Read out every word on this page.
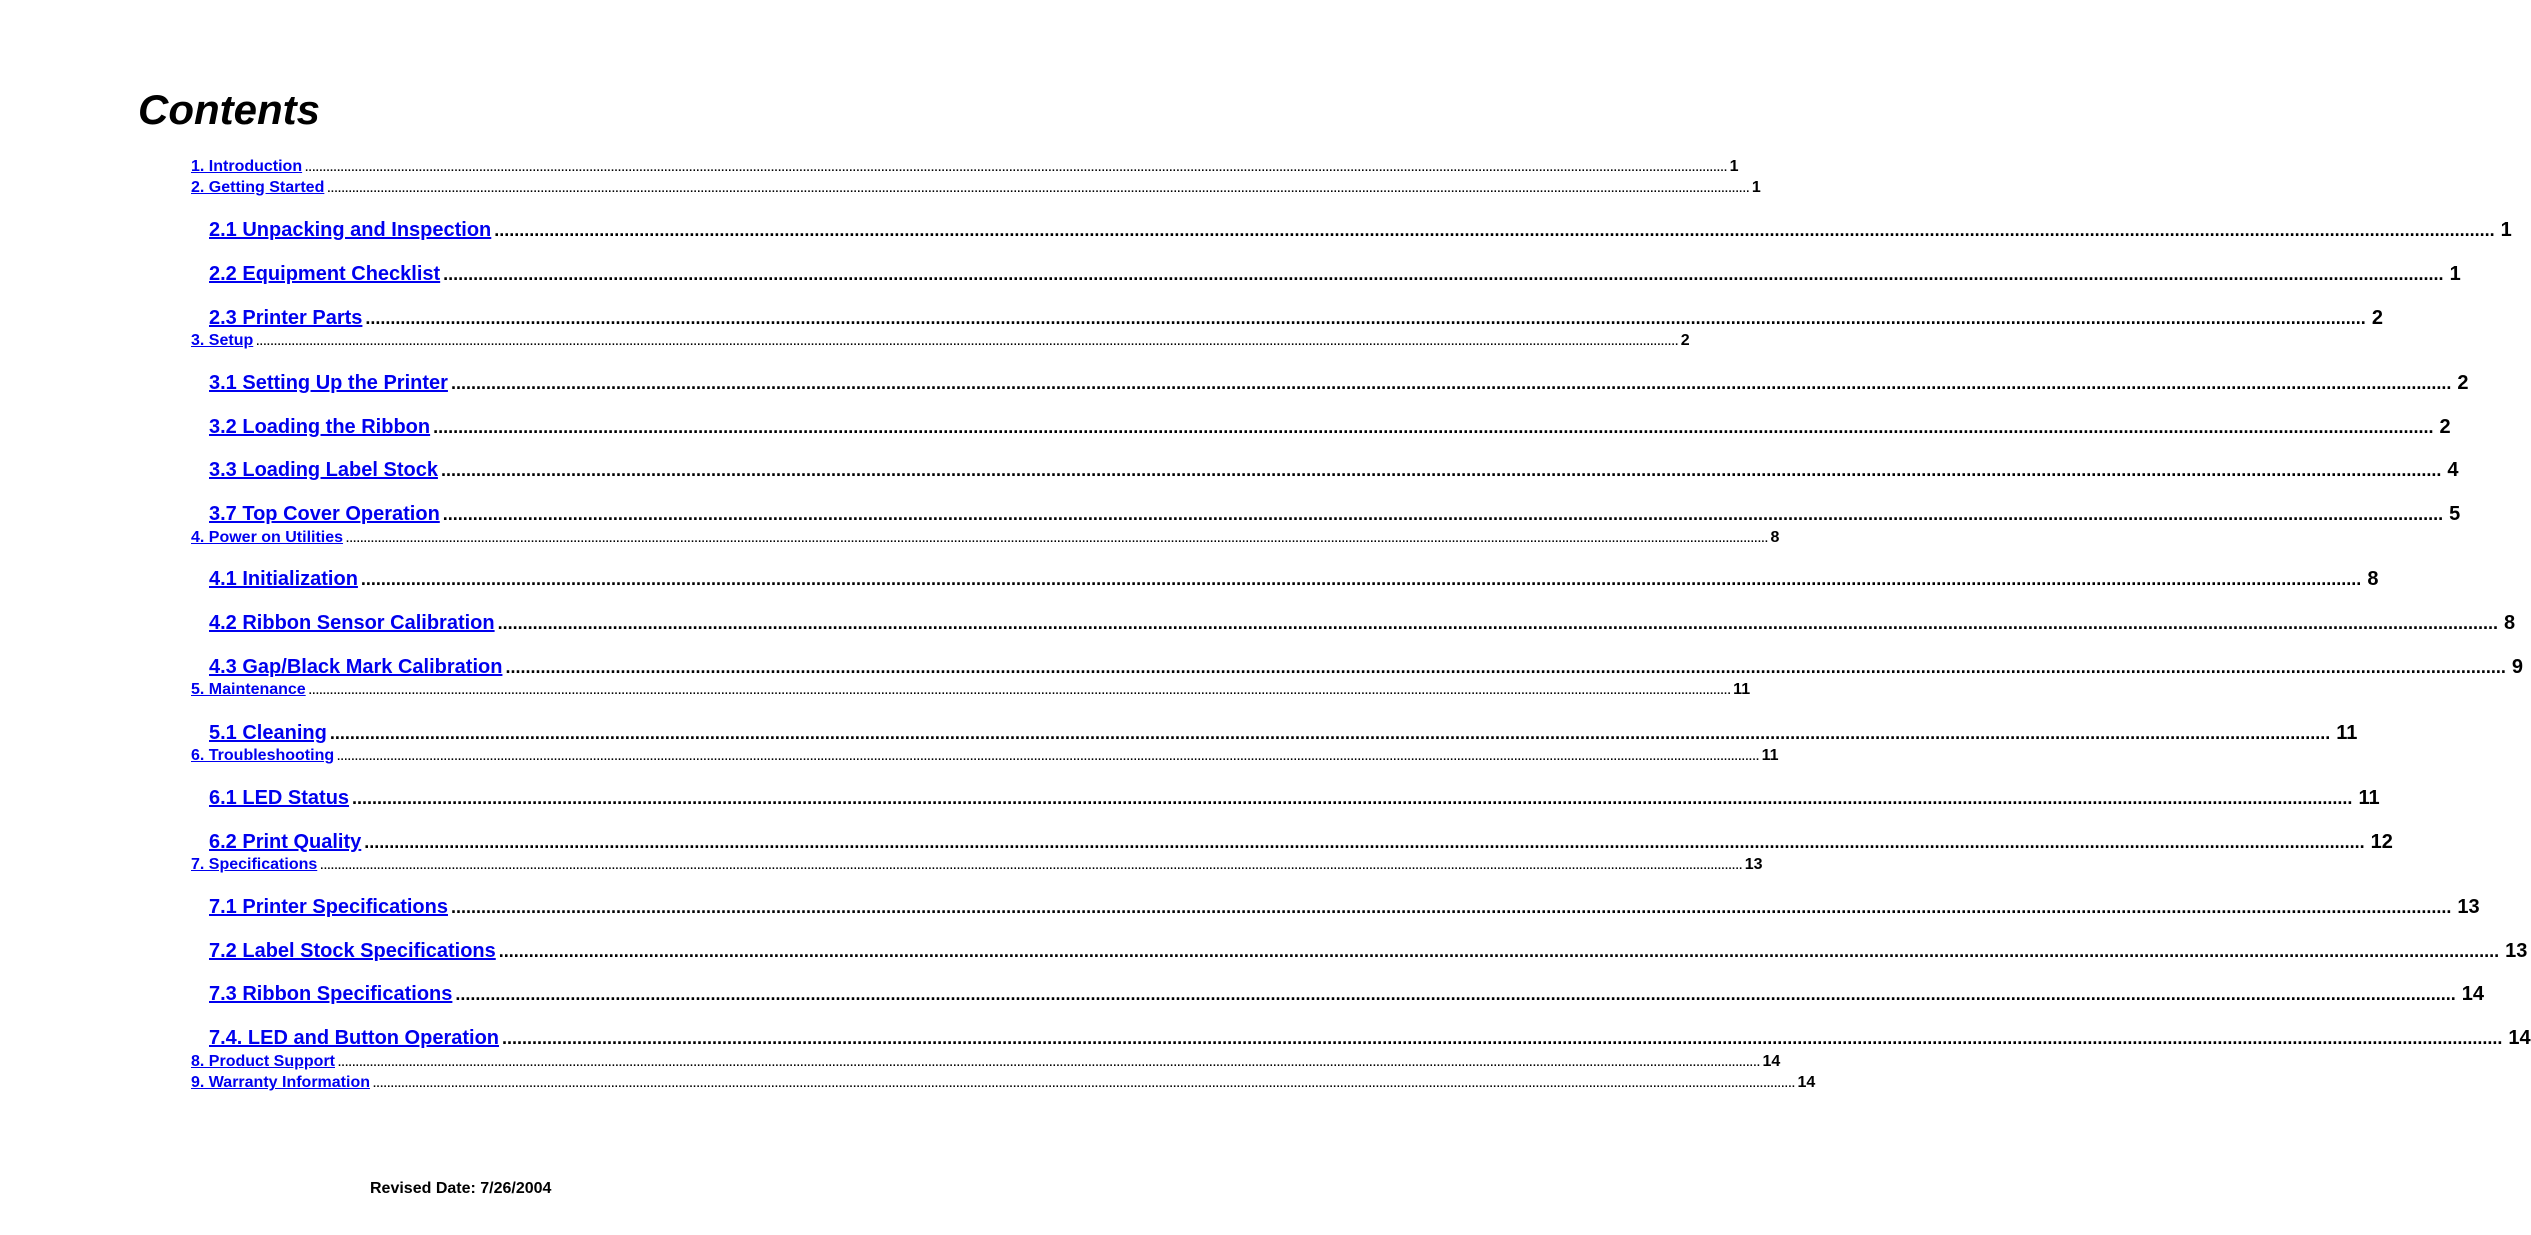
Contents
1. Introduction ................................................................................................................................................................................................................................................................................................................................................................................................................ 1
2. Getting Started ................................................................................................................................................................................................................................................................................................................................................................................................................ 1
2.1 Unpacking and Inspection ................................................................................................................................................................................................................................................................................................................................................................................................................ 1
2.2 Equipment Checklist ................................................................................................................................................................................................................................................................................................................................................................................................................ 1
2.3 Printer Parts ................................................................................................................................................................................................................................................................................................................................................................................................................ 2
3. Setup ................................................................................................................................................................................................................................................................................................................................................................................................................ 2
3.1 Setting Up the Printer ................................................................................................................................................................................................................................................................................................................................................................................................................ 2
3.2 Loading the Ribbon ................................................................................................................................................................................................................................................................................................................................................................................................................ 2
3.3 Loading Label Stock ................................................................................................................................................................................................................................................................................................................................................................................................................ 4
3.7 Top Cover Operation ................................................................................................................................................................................................................................................................................................................................................................................................................ 5
4. Power on Utilities ................................................................................................................................................................................................................................................................................................................................................................................................................ 8
4.1 Initialization ................................................................................................................................................................................................................................................................................................................................................................................................................ 8
4.2 Ribbon Sensor Calibration ................................................................................................................................................................................................................................................................................................................................................................................................................ 8
4.3 Gap/Black Mark Calibration ................................................................................................................................................................................................................................................................................................................................................................................................................ 9
5. Maintenance ................................................................................................................................................................................................................................................................................................................................................................................................................ 11
5.1 Cleaning ................................................................................................................................................................................................................................................................................................................................................................................................................ 11
6. Troubleshooting ................................................................................................................................................................................................................................................................................................................................................................................................................ 11
6.1 LED Status ................................................................................................................................................................................................................................................................................................................................................................................................................ 11
6.2 Print Quality ................................................................................................................................................................................................................................................................................................................................................................................................................ 12
7. Specifications ................................................................................................................................................................................................................................................................................................................................................................................................................ 13
7.1 Printer Specifications ................................................................................................................................................................................................................................................................................................................................................................................................................ 13
7.2 Label Stock Specifications ................................................................................................................................................................................................................................................................................................................................................................................................................ 13
7.3 Ribbon Specifications ................................................................................................................................................................................................................................................................................................................................................................................................................ 14
7.4. LED and Button Operation ................................................................................................................................................................................................................................................................................................................................................................................................................ 14
8. Product Support ................................................................................................................................................................................................................................................................................................................................................................................................................ 14
9. Warranty Information ................................................................................................................................................................................................................................................................................................................................................................................................................ 14
Revised Date: 7/26/2004
